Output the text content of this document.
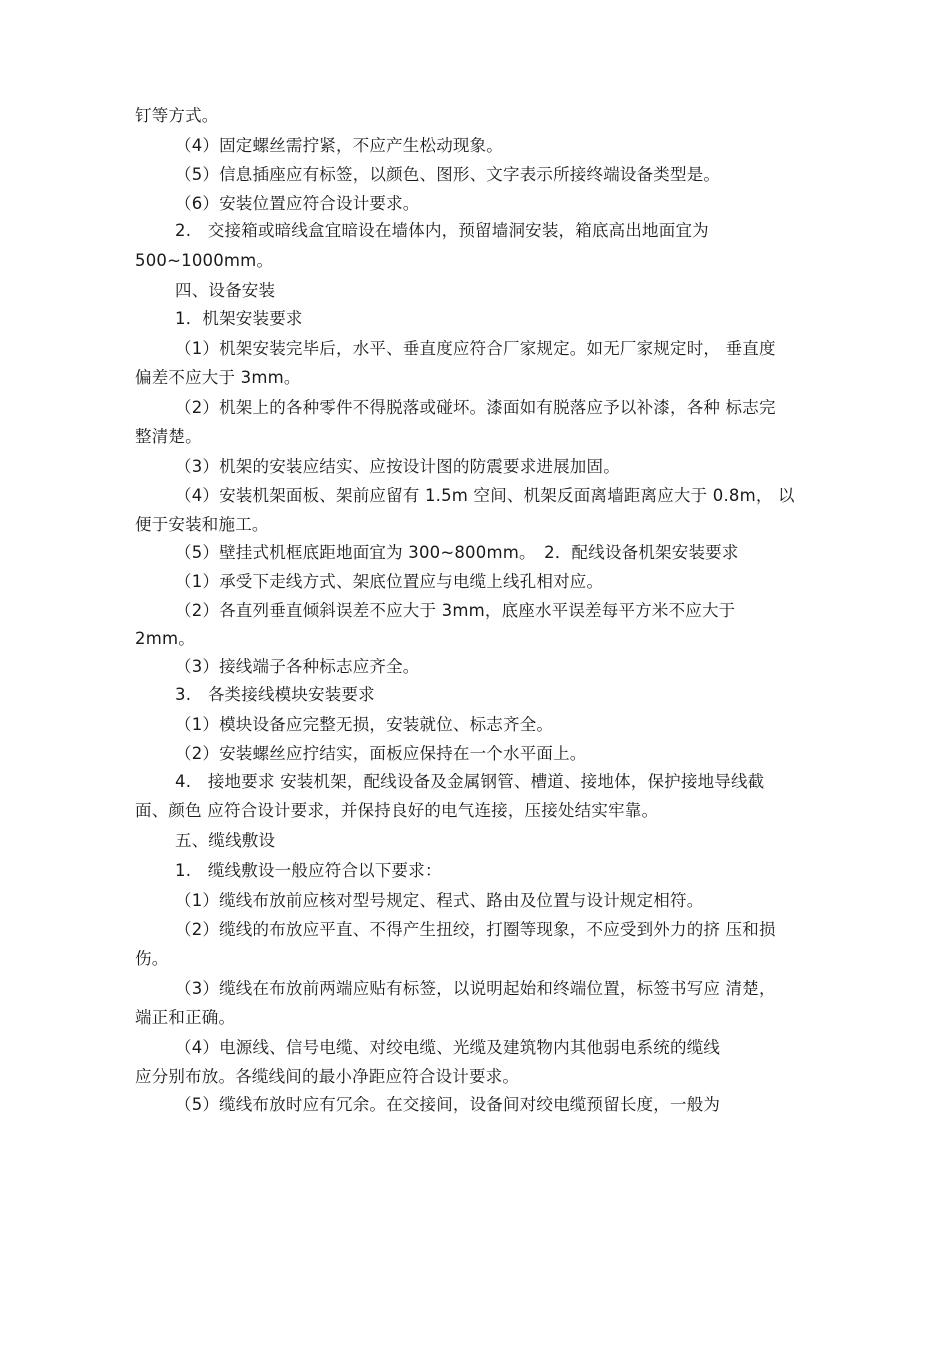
钉等方式。
（4）固定螺丝需拧紧，不应产生松动现象。
（5）信息插座应有标签，以颜色、图形、文字表示所接终端设备类型是。
（6）安装位置应符合设计要求。
2.　交接箱或暗线盒宜暗设在墙体内，预留墙洞安装，箱底高出地面宜为
500~1000mm。
四、设备安装
1．机架安装要求
（1）机架安装完毕后，水平、垂直度应符合厂家规定。如无厂家规定时， 垂直度
偏差不应大于 3mm。
（2）机架上的各种零件不得脱落或碰坏。漆面如有脱落应予以补漆，各种 标志完
整清楚。
（3）机架的安装应结实、应按设计图的防震要求进展加固。
（4）安装机架面板、架前应留有 1.5m 空间、机架反面离墙距离应大于 0.8m， 以
便于安装和施工。
（5）壁挂式机框底距地面宜为 300~800mm。　2．配线设备机架安装要求
（1）承受下走线方式、架底位置应与电缆上线孔相对应。
（2）各直列垂直倾斜误差不应大于 3mm，底座水平误差每平方米不应大于
2mm。
（3）接线端子各种标志应齐全。
3.　各类接线模块安装要求
（1）模块设备应完整无损，安装就位、标志齐全。
（2）安装螺丝应拧结实，面板应保持在一个水平面上。
4.　接地要求 安装机架，配线设备及金属钢管、槽道、接地体，保护接地导线截
面、颜色 应符合设计要求，并保持良好的电气连接，压接处结实牢靠。
五、缆线敷设
1.　缆线敷设一般应符合以下要求：
（1）缆线布放前应核对型号规定、程式、路由及位置与设计规定相符。
（2）缆线的布放应平直、不得产生扭绞，打圈等现象，不应受到外力的挤 压和损
伤。
（3）缆线在布放前两端应贴有标签，以说明起始和终端位置，标签书写应 清楚，
端正和正确。
（4）电源线、信号电缆、对绞电缆、光缆及建筑物内其他弱电系统的缆线
应分别布放。各缆线间的最小净距应符合设计要求。
（5）缆线布放时应有冗余。在交接间，设备间对绞电缆预留长度，一般为
